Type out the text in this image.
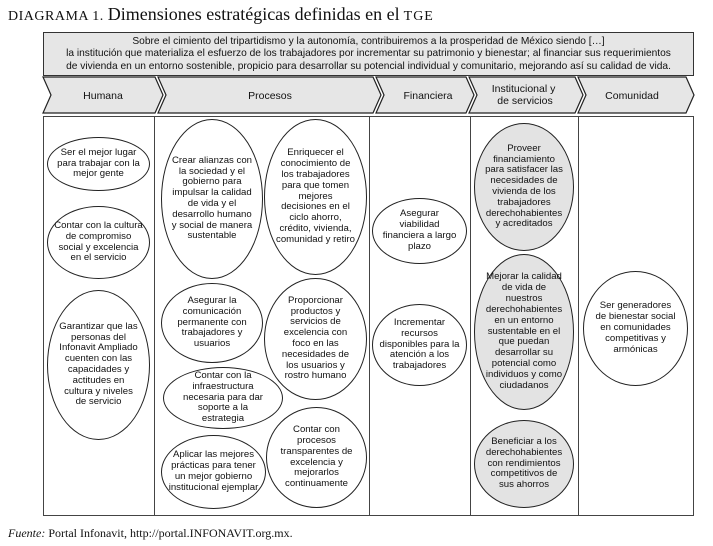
DIAGRAMA 1. Dimensiones estratégicas definidas en el TGE
Sobre el cimiento del tripartidismo y la autonomía, contribuiremos a la prosperidad de México siendo […]
la institución que materializa el esfuerzo de los trabajadores por incrementar su patrimonio y bienestar; al financiar sus requerimientos
de vivienda en un entorno sostenible, propicio para desarrollar su potencial individual y comunitario, mejorando así su calidad de vida.
Humana	Procesos	Financiera
Institucional y de servicios	Comunidad
Ser el mejor lugar para trabajar con la mejor gente
Contar con la cultura de compromiso social y excelencia en el servicio
Garantizar que las personas del Infonavit Ampliado cuenten con las capacidades y actitudes en cultura y niveles de servicio
Crear alianzas con la sociedad y el gobierno para impulsar la calidad de vida y el desarrollo humano y social de manera sustentable
Enriquecer el conocimiento de los trabajadores para que tomen mejores decisiones en el ciclo ahorro, crédito, vivienda, comunidad y retiro
Asegurar la comunicación permanente con trabajadores y usuarios
Proporcionar productos y servicios de excelencia con foco en las necesidades de los usuarios y rostro humano
Contar con la infraestructura necesaria para dar soporte a la estrategia
Aplicar las mejores prácticas para tener un mejor gobierno institucional ejemplar
Contar con procesos transparentes de excelencia y mejorarlos continuamente
Asegurar viabilidad financiera a largo plazo
Incrementar recursos disponibles para la atención a los trabajadores
Proveer financiamiento para satisfacer las necesidades de vivienda de los trabajadores derechohabientes y acreditados
Mejorar la calidad de vida de nuestros derechohabientes en un entorno sustentable en el que puedan desarrollar su potencial como individuos y como ciudadanos
Beneficiar a los derechohabientes con rendimientos competitivos de sus ahorros
Ser generadores de bienestar social en comunidades competitivas y armónicas
Fuente: Portal Infonavit, http://portal.INFONAVIT.org.mx.
